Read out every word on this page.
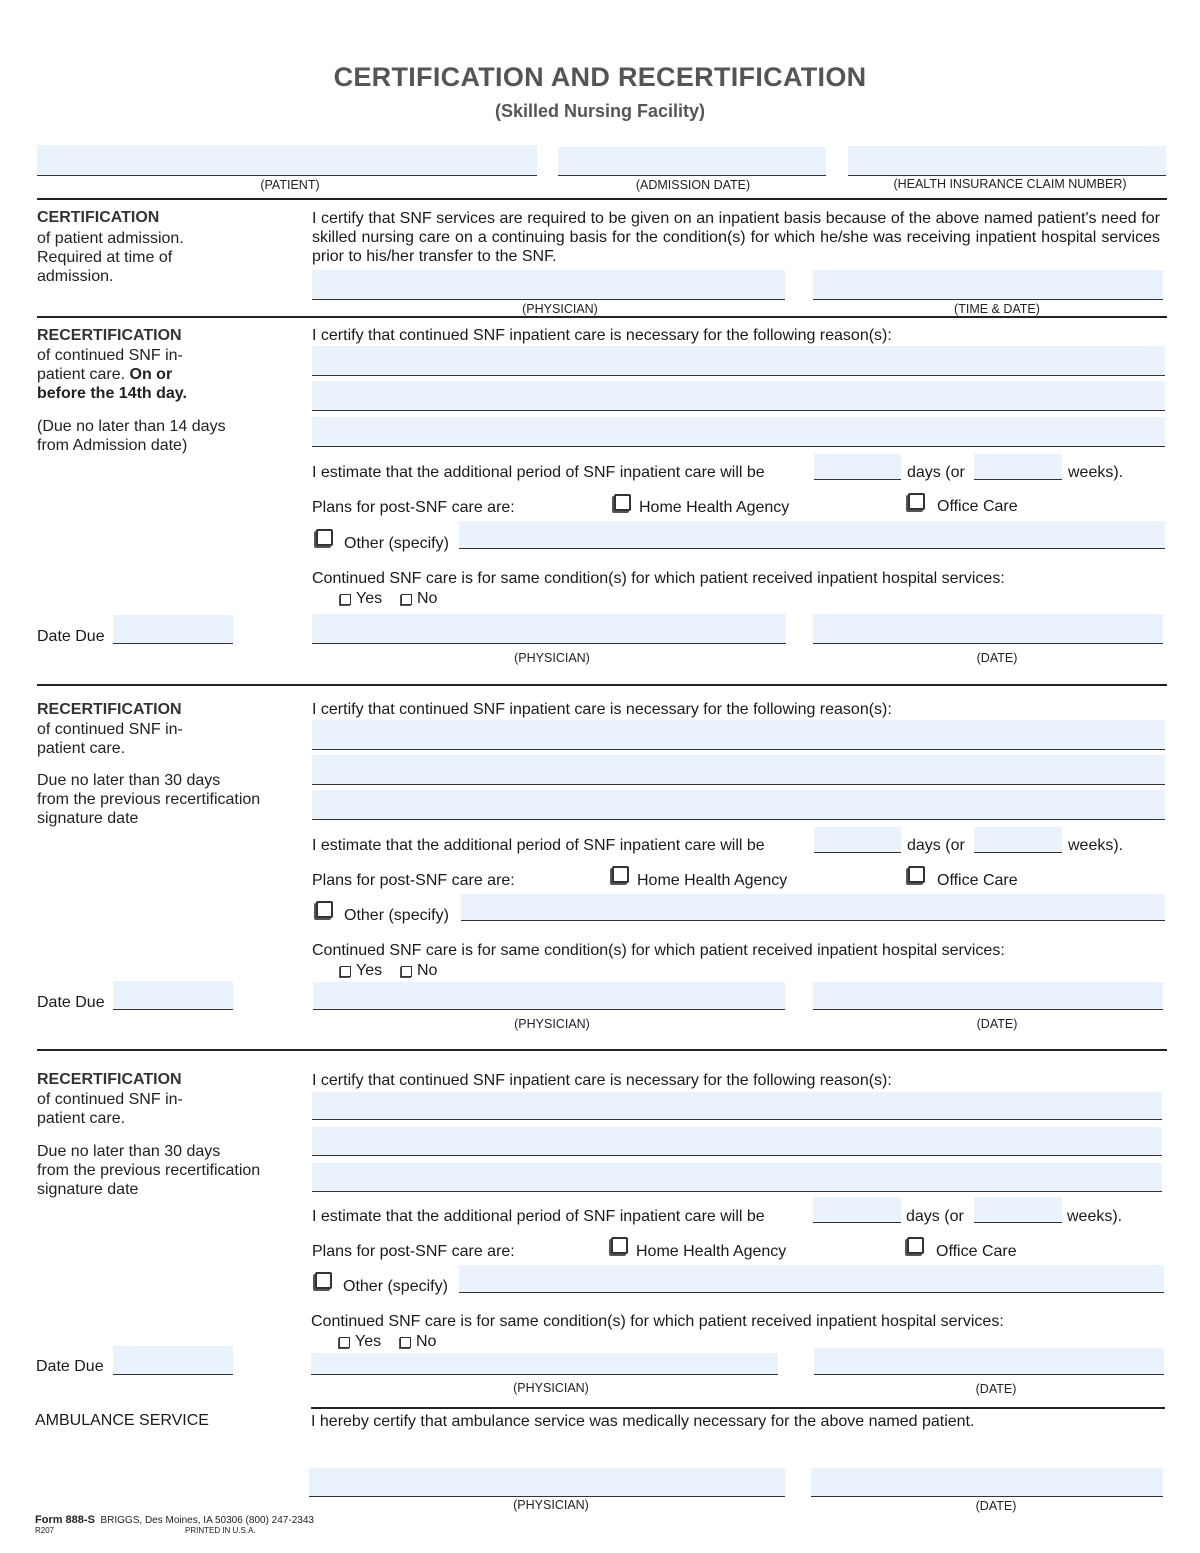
CERTIFICATION AND RECERTIFICATION
(Skilled Nursing Facility)
(PATIENT)	(ADMISSION DATE)	(HEALTH INSURANCE CLAIM NUMBER)
CERTIFICATION
of patient admission.
Required at time of
admission.
I certify that SNF services are required to be given on an inpatient basis because of the above named patient's need for skilled nursing care on a continuing basis for the condition(s) for which he/she was receiving inpatient hospital services prior to his/her transfer to the SNF.
(PHYSICIAN)	(TIME & DATE)
RECERTIFICATION
of continued SNF in-
patient care. On or
before the 14th day.
(Due no later than 14 days
from Admission date)
I certify that continued SNF inpatient care is necessary for the following reason(s):
I estimate that the additional period of SNF inpatient care will be	days (or	weeks).
Plans for post-SNF care are:	Home Health Agency	Office Care
Other (specify)
Continued SNF care is for same condition(s) for which patient received inpatient hospital services:
Yes No
Date Due
(PHYSICIAN)	(DATE)
RECERTIFICATION
of continued SNF in-
patient care.
Due no later than 30 days
from the previous recertification
signature date
I certify that continued SNF inpatient care is necessary for the following reason(s):
I estimate that the additional period of SNF inpatient care will be	days (or	weeks).
Plans for post-SNF care are:	Home Health Agency	Office Care
Other (specify)
Continued SNF care is for same condition(s) for which patient received inpatient hospital services:
Yes No
Date Due
(PHYSICIAN)	(DATE)
RECERTIFICATION
of continued SNF in-
patient care.
Due no later than 30 days
from the previous recertification
signature date
I certify that continued SNF inpatient care is necessary for the following reason(s):
I estimate that the additional period of SNF inpatient care will be	days (or	weeks).
Plans for post-SNF care are:	Home Health Agency	Office Care
Other (specify)
Continued SNF care is for same condition(s) for which patient received inpatient hospital services:
Yes No
Date Due
(PHYSICIAN)	(DATE)
AMBULANCE SERVICE	I hereby certify that ambulance service was medically necessary for the above named patient.
(PHYSICIAN)	(DATE)
Form 888-S BRIGGS, Des Moines, IA 50306 (800) 247-2343
R207	PRINTED IN U.S.A.
